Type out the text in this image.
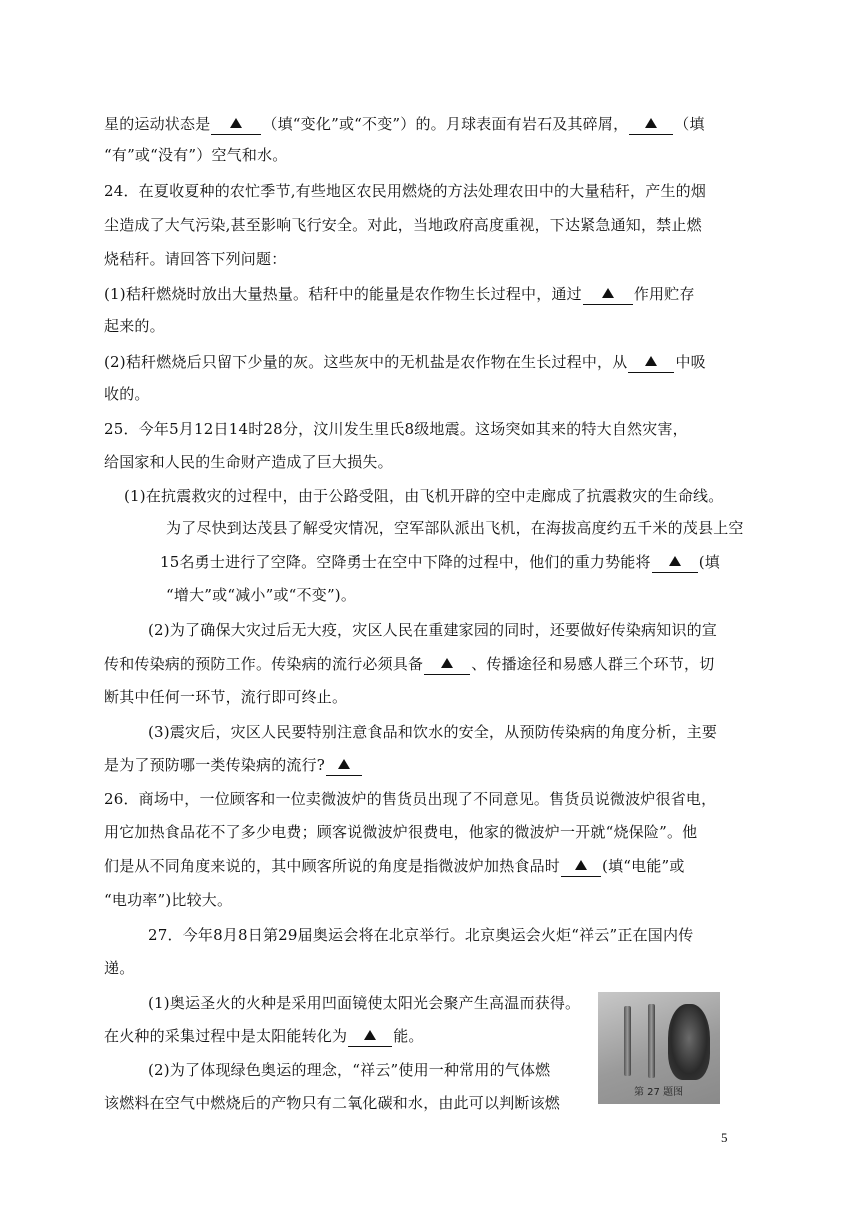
星的运动状态是	（填“变化”或“不变”）的。月球表面有岩石及其碎屑，	（填
“有”或“没有”）空气和水。
24．在夏收夏种的农忙季节,有些地区农民用燃烧的方法处理农田中的大量秸秆，产生的烟
尘造成了大气污染,甚至影响飞行安全。对此，当地政府高度重视，下达紧急通知，禁止燃
烧秸秆。请回答下列问题：
(1)秸秆燃烧时放出大量热量。秸秆中的能量是农作物生长过程中，通过	作用贮存
起来的。
(2)秸秆燃烧后只留下少量的灰。这些灰中的无机盐是农作物在生长过程中，从	中吸
收的。
25．今年5月12日14时28分，汶川发生里氏8级地震。这场突如其来的特大自然灾害，
给国家和人民的生命财产造成了巨大损失。
(1)在抗震救灾的过程中，由于公路受阻，由飞机开辟的空中走廊成了抗震救灾的生命线。
为了尽快到达茂县了解受灾情况，空军部队派出飞机，在海拔高度约五千米的茂县上空
15名勇士进行了空降。空降勇士在空中下降的过程中，他们的重力势能将	(填
“增大”或“减小”或“不变”)。
(2)为了确保大灾过后无大疫，灾区人民在重建家园的同时，还要做好传染病知识的宣
传和传染病的预防工作。传染病的流行必须具备	、传播途径和易感人群三个环节，切
断其中任何一环节，流行即可终止。
(3)震灾后，灾区人民要特别注意食品和饮水的安全，从预防传染病的角度分析，主要
是为了预防哪一类传染病的流行?
26．商场中，一位顾客和一位卖微波炉的售货员出现了不同意见。售货员说微波炉很省电，
用它加热食品花不了多少电费；顾客说微波炉很费电，他家的微波炉一开就“烧保险”。他
们是从不同角度来说的，其中顾客所说的角度是指微波炉加热食品时	(填“电能”或
“电功率”)比较大。
27．今年8月8日第29届奥运会将在北京举行。北京奥运会火炬“祥云”正在国内传
递。
(1)奥运圣火的火种是采用凹面镜使太阳光会聚产生高温而获得。
在火种的采集过程中是太阳能转化为	能。
(2)为了体现绿色奥运的理念，“祥云”使用一种常用的气体燃
该燃料在空气中燃烧后的产物只有二氧化碳和水，由此可以判断该燃
第 27 题图
5
